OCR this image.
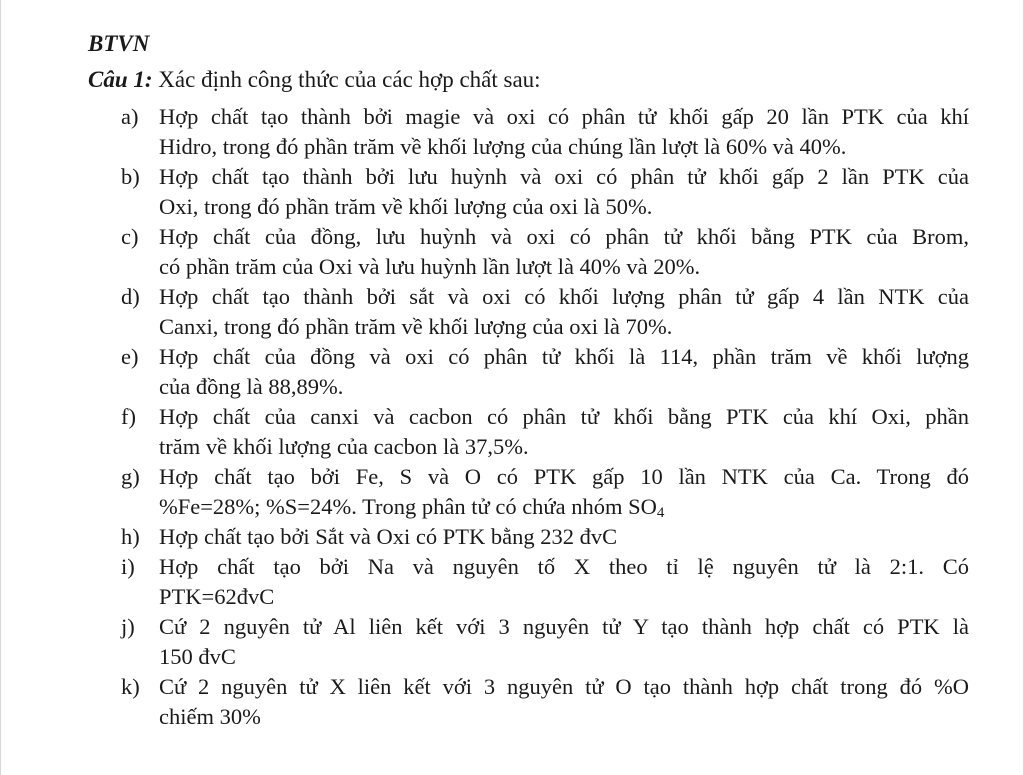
BTVN
Câu 1: Xác định công thức của các hợp chất sau:
a) Hợp chất tạo thành bởi magie và oxi có phân tử khối gấp 20 lần PTK của khí
Hidro, trong đó phần trăm về khối lượng của chúng lần lượt là 60% và 40%.
b) Hợp chất tạo thành bởi lưu huỳnh và oxi có phân tử khối gấp 2 lần PTK của
Oxi, trong đó phần trăm về khối lượng của oxi là 50%.
c) Hợp chất của đồng, lưu huỳnh và oxi có phân tử khối bằng PTK của Brom,
có phần trăm của Oxi và lưu huỳnh lần lượt là 40% và 20%.
d) Hợp chất tạo thành bởi sắt và oxi có khối lượng phân tử gấp 4 lần NTK của
Canxi, trong đó phần trăm về khối lượng của oxi là 70%.
e) Hợp chất của đồng và oxi có phân tử khối là 114, phần trăm về khối lượng
của đồng là 88,89%.
f) Hợp chất của canxi và cacbon có phân tử khối bằng PTK của khí Oxi, phần
trăm về khối lượng của cacbon là 37,5%.
g) Hợp chất tạo bởi Fe, S và O có PTK gấp 10 lần NTK của Ca. Trong đó
%Fe=28%; %S=24%. Trong phân tử có chứa nhóm $SO_4$
h) Hợp chất tạo bởi Sắt và Oxi có PTK bằng 232 đvC
i) Hợp chất tạo bởi Na và nguyên tố X theo tỉ lệ nguyên tử là 2:1. Có
PTK=62đvC
j) Cứ 2 nguyên tử Al liên kết với 3 nguyên tử Y tạo thành hợp chất có PTK là
150 đvC
k) Cứ 2 nguyên tử X liên kết với 3 nguyên tử O tạo thành hợp chất trong đó %O
chiếm 30%
